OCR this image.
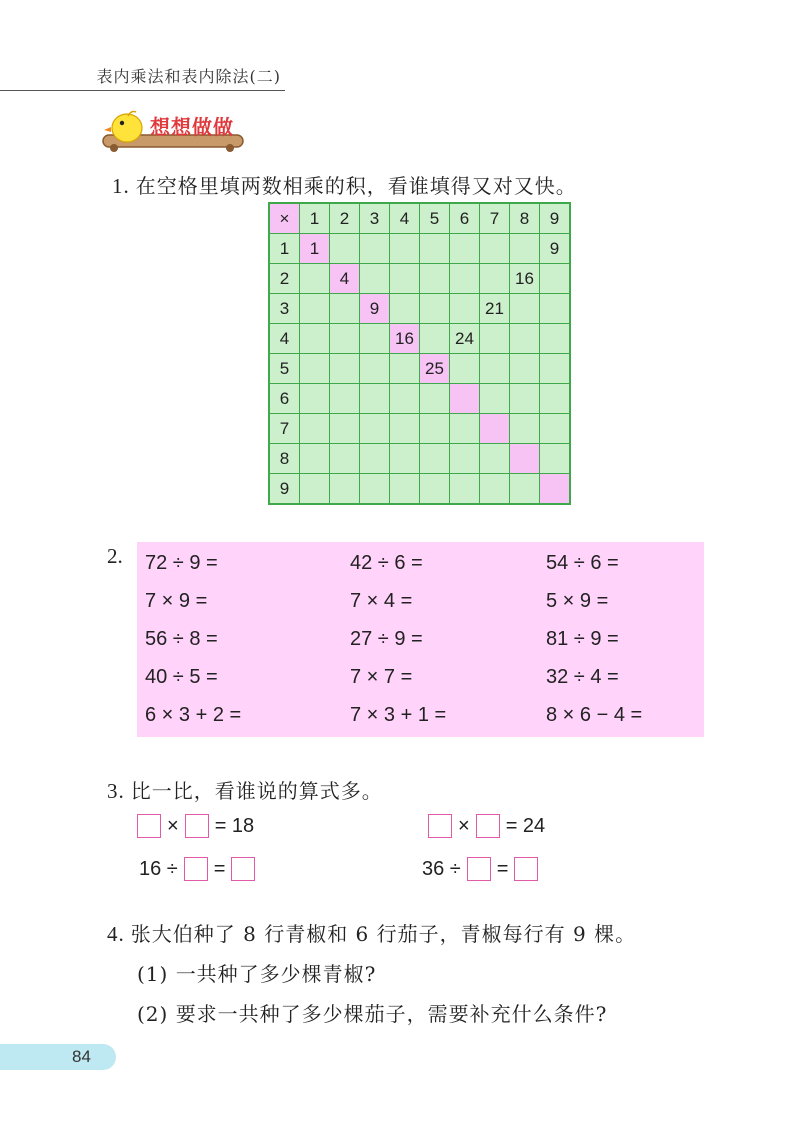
表内乘法和表内除法(二)
想想做做
1. 在空格里填两数相乘的积，看谁填得又对又快。
×	1	2	3	4	5	6	7	8	9
1	1								9
2		4						16	
3			9				21		
4				16		24			
5					25				
6									
7									
8									
9									
2. 72 ÷ 9 =	42 ÷ 6 =	54 ÷ 6 =
7 × 9 =	7 × 4 =	5 × 9 =
56 ÷ 8 =	27 ÷ 9 =	81 ÷ 9 =
40 ÷ 5 =	7 × 7 =	32 ÷ 4 =
6 × 3 + 2 =	7 × 3 + 1 =	8 × 6 − 4 =
3. 比一比，看谁说的算式多。
× = 18	× = 24
16 ÷ =	36 ÷ =
4. 张大伯种了 8 行青椒和 6 行茄子，青椒每行有 9 棵。
(1) 一共种了多少棵青椒?
(2) 要求一共种了多少棵茄子，需要补充什么条件?
84
